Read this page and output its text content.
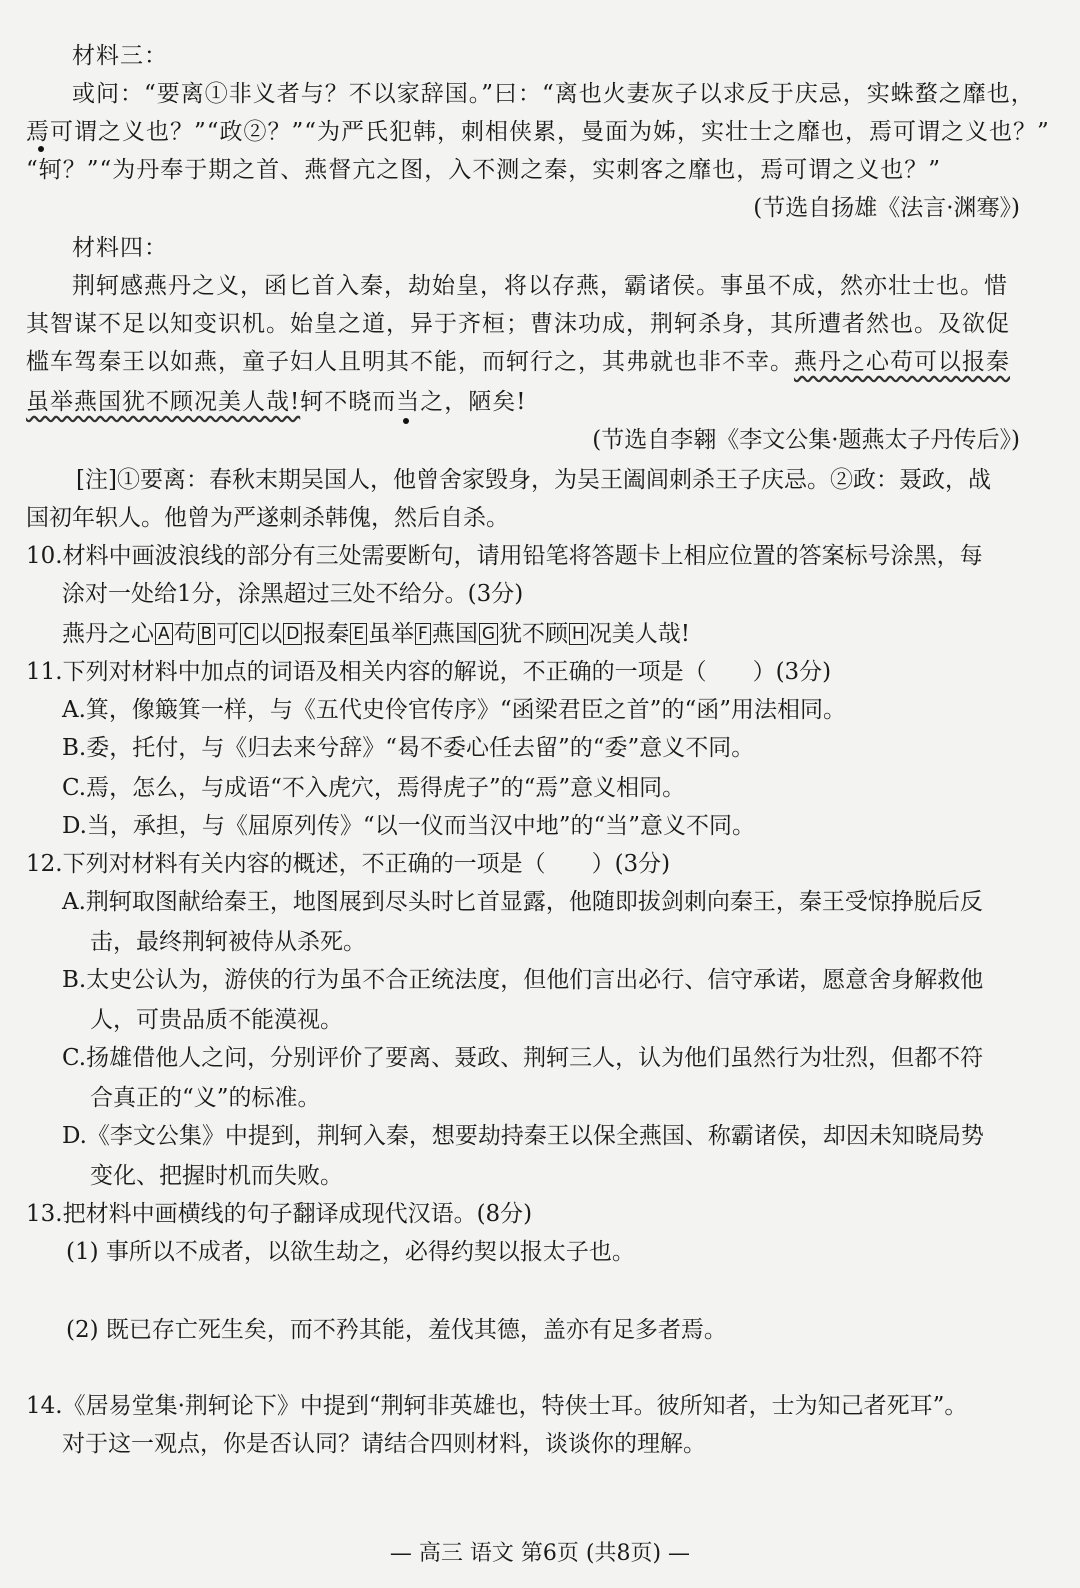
材料三：
或问：“要离①非义者与？不以家辞国。”曰：“离也火妻灰子以求反于庆忌，实蛛蝥之靡也，
焉可谓之义也？”“政②？”“为严氏犯韩，刺相侠累，曼面为姊，实壮士之靡也，焉可谓之义也？”
“轲？”“为丹奉于期之首、燕督亢之图，入不测之秦，实刺客之靡也，焉可谓之义也？”
(节选自扬雄《法言·渊骞》)
材料四：
荆轲感燕丹之义，函匕首入秦，劫始皇，将以存燕，霸诸侯。事虽不成，然亦壮士也。惜
其智谋不足以知变识机。始皇之道，异于齐桓；曹沫功成，荆轲杀身，其所遭者然也。及欲促
槛车驾秦王以如燕，童子妇人且明其不能，而轲行之，其弗就也非不幸。燕丹之心苟可以报秦
虽举燕国犹不顾况美人哉!轲不晓而当之，陋矣!
(节选自李翱《李文公集·题燕太子丹传后》)
[注]①要离：春秋末期吴国人，他曾舍家毁身，为吴王阖闾刺杀王子庆忌。②政：聂政，战
国初年轵人。他曾为严遂刺杀韩傀，然后自杀。
10.材料中画波浪线的部分有三处需要断句，请用铅笔将答题卡上相应位置的答案标号涂黑，每
涂对一处给1分，涂黑超过三处不给分。(3分)
燕丹之心 A 苟 B 可 C 以 D 报秦 E 虽举 F 燕国 G 犹不顾 H 况美人哉!
11.下列对材料中加点的词语及相关内容的解说，不正确的一项是（　　）(3分)
A.箕，像簸箕一样，与《五代史伶官传序》“函梁君臣之首”的“函”用法相同。
B.委，托付，与《归去来兮辞》“曷不委心任去留”的“委”意义不同。
C.焉，怎么，与成语“不入虎穴，焉得虎子”的“焉”意义相同。
D.当，承担，与《屈原列传》“以一仪而当汉中地”的“当”意义不同。
12.下列对材料有关内容的概述，不正确的一项是（　　）(3分)
A.荆轲取图献给秦王，地图展到尽头时匕首显露，他随即拔剑刺向秦王，秦王受惊挣脱后反
击，最终荆轲被侍从杀死。
B.太史公认为，游侠的行为虽不合正统法度，但他们言出必行、信守承诺，愿意舍身解救他
人，可贵品质不能漠视。
C.扬雄借他人之问，分别评价了要离、聂政、荆轲三人，认为他们虽然行为壮烈，但都不符
合真正的“义”的标准。
D.《李文公集》中提到，荆轲入秦，想要劫持秦王以保全燕国、称霸诸侯，却因未知晓局势
变化、把握时机而失败。
13.把材料中画横线的句子翻译成现代汉语。(8分)
(1) 事所以不成者，以欲生劫之，必得约契以报太子也。
(2) 既已存亡死生矣，而不矜其能，羞伐其德，盖亦有足多者焉。
14.《居易堂集·荆轲论下》中提到“荆轲非英雄也，特侠士耳。彼所知者，士为知己者死耳”。
对于这一观点，你是否认同？请结合四则材料，谈谈你的理解。
— 高三 语文 第6页 (共8页) —
